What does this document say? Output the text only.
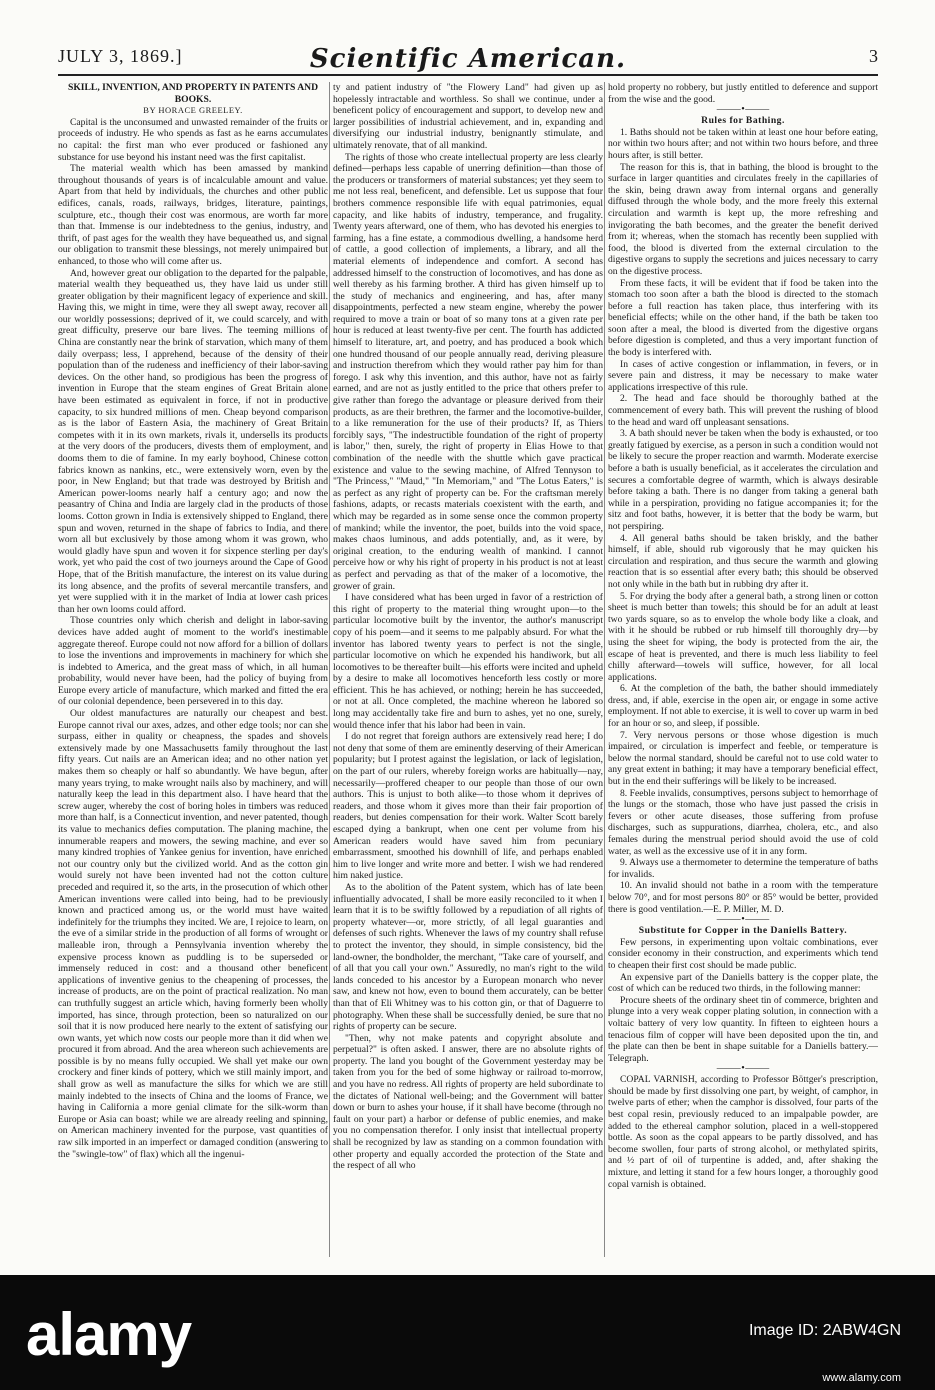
JULY 3, 1869.]	Scientific American.	3

SKILL, INVENTION, AND PROPERTY IN PATENTS AND BOOKS.

BY HORACE GREELEY.

Capital is the unconsumed and unwasted remainder of the fruits or proceeds of industry. He who spends as fast as he earns accumulates no capital: the first man who ever produced or fashioned any substance for use beyond his instant need was the first capitalist.

The material wealth which has been amassed by mankind throughout thousands of years is of incalculable amount and value. Apart from that held by individuals, the churches and other public edifices, canals, roads, railways, bridges, literature, paintings, sculpture, etc., though their cost was enormous, are worth far more than that. Immense is our indebtedness to the genius, industry, and thrift, of past ages for the wealth they have bequeathed us, and signal our obligation to transmit these blessings, not merely unimpaired but enhanced, to those who will come after us.

And, however great our obligation to the departed for the palpable, material wealth they bequeathed us, they have laid us under still greater obligation by their magnificent legacy of experience and skill. Having this, we might in time, were they all swept away, recover all our worldly possessions; deprived of it, we could scarcely, and with great difficulty, preserve our bare lives. The teeming millions of China are constantly near the brink of starvation, which many of them daily overpass; less, I apprehend, because of the density of their population than of the rudeness and inefficiency of their labor-saving devices. On the other hand, so prodigious has been the progress of invention in Europe that the steam engines of Great Britain alone have been estimated as equivalent in force, if not in productive capacity, to six hundred millions of men. Cheap beyond comparison as is the labor of Eastern Asia, the machinery of Great Britain competes with it in its own markets, rivals it, undersells its products at the very doors of the producers, divests them of employment, and dooms them to die of famine. In my early boyhood, Chinese cotton fabrics known as nankins, etc., were extensively worn, even by the poor, in New England; but that trade was destroyed by British and American power-looms nearly half a century ago; and now the peasantry of China and India are largely clad in the products of those looms. Cotton grown in India is extensively shipped to England, there spun and woven, returned in the shape of fabrics to India, and there worn all but exclusively by those among whom it was grown, who would gladly have spun and woven it for sixpence sterling per day's work, yet who paid the cost of two journeys around the Cape of Good Hope, that of the British manufacture, the interest on its value during its long absence, and the profits of several mercantile transfers, and yet were supplied with it in the market of India at lower cash prices than her own looms could afford.

Those countries only which cherish and delight in labor-saving devices have added aught of moment to the world's inestimable aggregate thereof. Europe could not now afford for a billion of dollars to lose the inventions and improvements in machinery for which she is indebted to America, and the great mass of which, in all human probability, would never have been, had the policy of buying from Europe every article of manufacture, which marked and fitted the era of our colonial dependence, been persevered in to this day.

Our oldest manufactures are naturally our cheapest and best. Europe cannot rival our axes, adzes, and other edge tools; nor can she surpass, either in quality or cheapness, the spades and shovels extensively made by one Massachusetts family throughout the last fifty years. Cut nails are an American idea; and no other nation yet makes them so cheaply or half so abundantly. We have begun, after many years trying, to make wrought nails also by machinery, and will naturally keep the lead in this department also. I have heard that the screw auger, whereby the cost of boring holes in timbers was reduced more than half, is a Connecticut invention, and never patented, though its value to mechanics defies computation. The planing machine, the innumerable reapers and mowers, the sewing machine, and ever so many kindred trophies of Yankee genius for invention, have enriched not our country only but the civilized world. And as the cotton gin would surely not have been invented had not the cotton culture preceded and required it, so the arts, in the prosecution of which other American inventions were called into being, had to be previously known and practiced among us, or the world must have waited indefinitely for the triumphs they incited. We are, I rejoice to learn, on the eve of a similar stride in the production of all forms of wrought or malleable iron, through a Pennsylvania invention whereby the expensive process known as puddling is to be superseded or immensely reduced in cost: and a thousand other beneficent applications of inventive genius to the cheapening of processes, the increase of products, are on the point of practical realization. No man can truthfully suggest an article which, having formerly been wholly imported, has since, through protection, been so naturalized on our soil that it is now produced here nearly to the extent of satisfying our own wants, yet which now costs our people more than it did when we procured it from abroad. And the area whereon such achievements are possible is by no means fully occupied. We shall yet make our own crockery and finer kinds of pottery, which we still mainly import, and shall grow as well as manufacture the silks for which we are still mainly indebted to the insects of China and the looms of France, we having in California a more genial climate for the silk-worm than Europe or Asia can boast; while we are already reeling and spinning, on American machinery invented for the purpose, vast quantities of raw silk imported in an imperfect or damaged condition (answering to the "swingle-tow" of flax) which all the ingenui-

ty and patient industry of "the Flowery Land" had given up as hopelessly intractable and worthless. So shall we continue, under a beneficent policy of encouragement and support, to develop new and larger possibilities of industrial achievement, and in, expanding and diversifying our industrial industry, benignantly stimulate, and ultimately renovate, that of all mankind.

The rights of those who create intellectual property are less clearly defined—perhaps less capable of unerring definition—than those of the producers or transformers of material substances; yet they seem to me not less real, beneficent, and defensible. Let us suppose that four brothers commence responsible life with equal patrimonies, equal capacity, and like habits of industry, temperance, and frugality. Twenty years afterward, one of them, who has devoted his energies to farming, has a fine estate, a commodious dwelling, a handsome herd of cattle, a good collection of implements, a library, and all the material elements of independence and comfort. A second has addressed himself to the construction of locomotives, and has done as well thereby as his farming brother. A third has given himself up to the study of mechanics and engineering, and has, after many disappointments, perfected a new steam engine, whereby the power required to move a train or boat of so many tons at a given rate per hour is reduced at least twenty-five per cent. The fourth has addicted himself to literature, art, and poetry, and has produced a book which one hundred thousand of our people annually read, deriving pleasure and instruction therefrom which they would rather pay him for than forego. I ask why this invention, and this author, have not as fairly earned, and are not as justly entitled to the price that others prefer to give rather than forego the advantage or pleasure derived from their products, as are their brethren, the farmer and the locomotive-builder, to a like remuneration for the use of their products? If, as Thiers forcibly says, "The indestructible foundation of the right of property is labor," then, surely, the right of property in Elias Howe to that combination of the needle with the shuttle which gave practical existence and value to the sewing machine, of Alfred Tennyson to "The Princess," "Maud," "In Memoriam," and "The Lotus Eaters," is as perfect as any right of property can be. For the craftsman merely fashions, adapts, or recasts materials coexistent with the earth, and which may be regarded as in some sense once the common property of mankind; while the inventor, the poet, builds into the void space, makes chaos luminous, and adds potentially, and, as it were, by original creation, to the enduring wealth of mankind. I cannot perceive how or why his right of property in his product is not at least as perfect and pervading as that of the maker of a locomotive, the grower of grain.

I have considered what has been urged in favor of a restriction of this right of property to the material thing wrought upon—to the particular locomotive built by the inventor, the author's manuscript copy of his poem—and it seems to me palpably absurd. For what the inventor has labored twenty years to perfect is not the single, particular locomotive on which he expended his handiwork, but all locomotives to be thereafter built—his efforts were incited and upheld by a desire to make all locomotives henceforth less costly or more efficient. This he has achieved, or nothing; herein he has succeeded, or not at all. Once completed, the machine whereon he labored so long may accidentally take fire and burn to ashes, yet no one, surely, would thence infer that his labor had been in vain.

I do not regret that foreign authors are extensively read here; I do not deny that some of them are eminently deserving of their American popularity; but I protest against the legislation, or lack of legislation, on the part of our rulers, whereby foreign works are habitually—nay, necessarily—proffered cheaper to our people than those of our own authors. This is unjust to both alike—to those whom it deprives of readers, and those whom it gives more than their fair proportion of readers, but denies compensation for their work. Walter Scott barely escaped dying a bankrupt, when one cent per volume from his American readers would have saved him from pecuniary embarrassment, smoothed his downhill of life, and perhaps enabled him to live longer and write more and better. I wish we had rendered him naked justice.

As to the abolition of the Patent system, which has of late been influentially advocated, I shall be more easily reconciled to it when I learn that it is to be swiftly followed by a repudiation of all rights of property whatever—or, more strictly, of all legal guaranties and defenses of such rights. Whenever the laws of my country shall refuse to protect the inventor, they should, in simple consistency, bid the land-owner, the bondholder, the merchant, "Take care of yourself, and of all that you call your own." Assuredly, no man's right to the wild lands conceded to his ancestor by a European monarch who never saw, and knew not how, even to bound them accurately, can be better than that of Eli Whitney was to his cotton gin, or that of Daguerre to photography. When these shall be successfully denied, be sure that no rights of property can be secure.

"Then, why not make patents and copyright absolute and perpetual?" is often asked. I answer, there are no absolute rights of property. The land you bought of the Government yesterday may be taken from you for the bed of some highway or railroad to-morrow, and you have no redress. All rights of property are held subordinate to the dictates of National well-being; and the Government will batter down or burn to ashes your house, if it shall have become (through no fault on your part) a harbor or defense of public enemies, and make you no compensation therefor. I only insist that intellectual property shall be recognized by law as standing on a common foundation with other property and equally accorded the protection of the State and the respect of all who

hold property no robbery, but justly entitled to deference and support from the wise and the good.

⸻•⸻

Rules for Bathing.

1. Baths should not be taken within at least one hour before eating, nor within two hours after; and not within two hours before, and three hours after, is still better.

The reason for this is, that in bathing, the blood is brought to the surface in larger quantities and circulates freely in the capillaries of the skin, being drawn away from internal organs and generally diffused through the whole body, and the more freely this external circulation and warmth is kept up, the more refreshing and invigorating the bath becomes, and the greater the benefit derived from it; whereas, when the stomach has recently been supplied with food, the blood is diverted from the external circulation to the digestive organs to supply the secretions and juices necessary to carry on the digestive process.

From these facts, it will be evident that if food be taken into the stomach too soon after a bath the blood is directed to the stomach before a full reaction has taken place, thus interfering with its beneficial effects; while on the other hand, if the bath be taken too soon after a meal, the blood is diverted from the digestive organs before digestion is completed, and thus a very important function of the body is interfered with.

In cases of active congestion or inflammation, in fevers, or in severe pain and distress, it may be necessary to make water applications irrespective of this rule.

2. The head and face should be thoroughly bathed at the commencement of every bath. This will prevent the rushing of blood to the head and ward off unpleasant sensations.

3. A bath should never be taken when the body is exhausted, or too greatly fatigued by exercise, as a person in such a condition would not be likely to secure the proper reaction and warmth. Moderate exercise before a bath is usually beneficial, as it accelerates the circulation and secures a comfortable degree of warmth, which is always desirable before taking a bath. There is no danger from taking a general bath while in a perspiration, providing no fatigue accompanies it; for the sitz and foot baths, however, it is better that the body be warm, but not perspiring.

4. All general baths should be taken briskly, and the bather himself, if able, should rub vigorously that he may quicken his circulation and respiration, and thus secure the warmth and glowing reaction that is so essential after every bath; this should be observed not only while in the bath but in rubbing dry after it.

5. For drying the body after a general bath, a strong linen or cotton sheet is much better than towels; this should be for an adult at least two yards square, so as to envelop the whole body like a cloak, and with it he should be rubbed or rub himself till thoroughly dry—by using the sheet for wiping, the body is protected from the air, the escape of heat is prevented, and there is much less liability to feel chilly afterward—towels will suffice, however, for all local applications.

6. At the completion of the bath, the bather should immediately dress, and, if able, exercise in the open air, or engage in some active employment. If not able to exercise, it is well to cover up warm in bed for an hour or so, and sleep, if possible.

7. Very nervous persons or those whose digestion is much impaired, or circulation is imperfect and feeble, or temperature is below the normal standard, should be careful not to use cold water to any great extent in bathing; it may have a temporary beneficial effect, but in the end their sufferings will be likely to be increased.

8. Feeble invalids, consumptives, persons subject to hemorrhage of the lungs or the stomach, those who have just passed the crisis in fevers or other acute diseases, those suffering from profuse discharges, such as suppurations, diarrhea, cholera, etc., and also females during the menstrual period should avoid the use of cold water, as well as the excessive use of it in any form.

9. Always use a thermometer to determine the temperature of baths for invalids.

10. An invalid should not bathe in a room with the temperature below 70°, and for most persons 80° or 85° would be better, provided there is good ventilation.—E. P. Miller, M. D.

⸻•⸻

Substitute for Copper in the Daniells Battery.

Few persons, in experimenting upon voltaic combinations, ever consider economy in their construction, and experiments which tend to cheapen their first cost should be made public.

An expensive part of the Daniells battery is the copper plate, the cost of which can be reduced two thirds, in the following manner:

Procure sheets of the ordinary sheet tin of commerce, brighten and plunge into a very weak copper plating solution, in connection with a voltaic battery of very low quantity. In fifteen to eighteen hours a tenacious film of copper will have been deposited upon the tin, and the plate can then be bent in shape suitable for a Daniells battery.—Telegraph.

⸻•⸻

COPAL VARNISH, according to Professor Böttger's prescription, should be made by first dissolving one part, by weight, of camphor, in twelve parts of ether; when the camphor is dissolved, four parts of the best copal resin, previously reduced to an impalpable powder, are added to the ethereal camphor solution, placed in a well-stoppered bottle. As soon as the copal appears to be partly dissolved, and has become swollen, four parts of strong alcohol, or methylated spirits, and ½ part of oil of turpentine is added, and, after shaking the mixture, and letting it stand for a few hours longer, a thoroughly good copal varnish is obtained.

alamy	Image ID: 2ABW4GN
www.alamy.com
